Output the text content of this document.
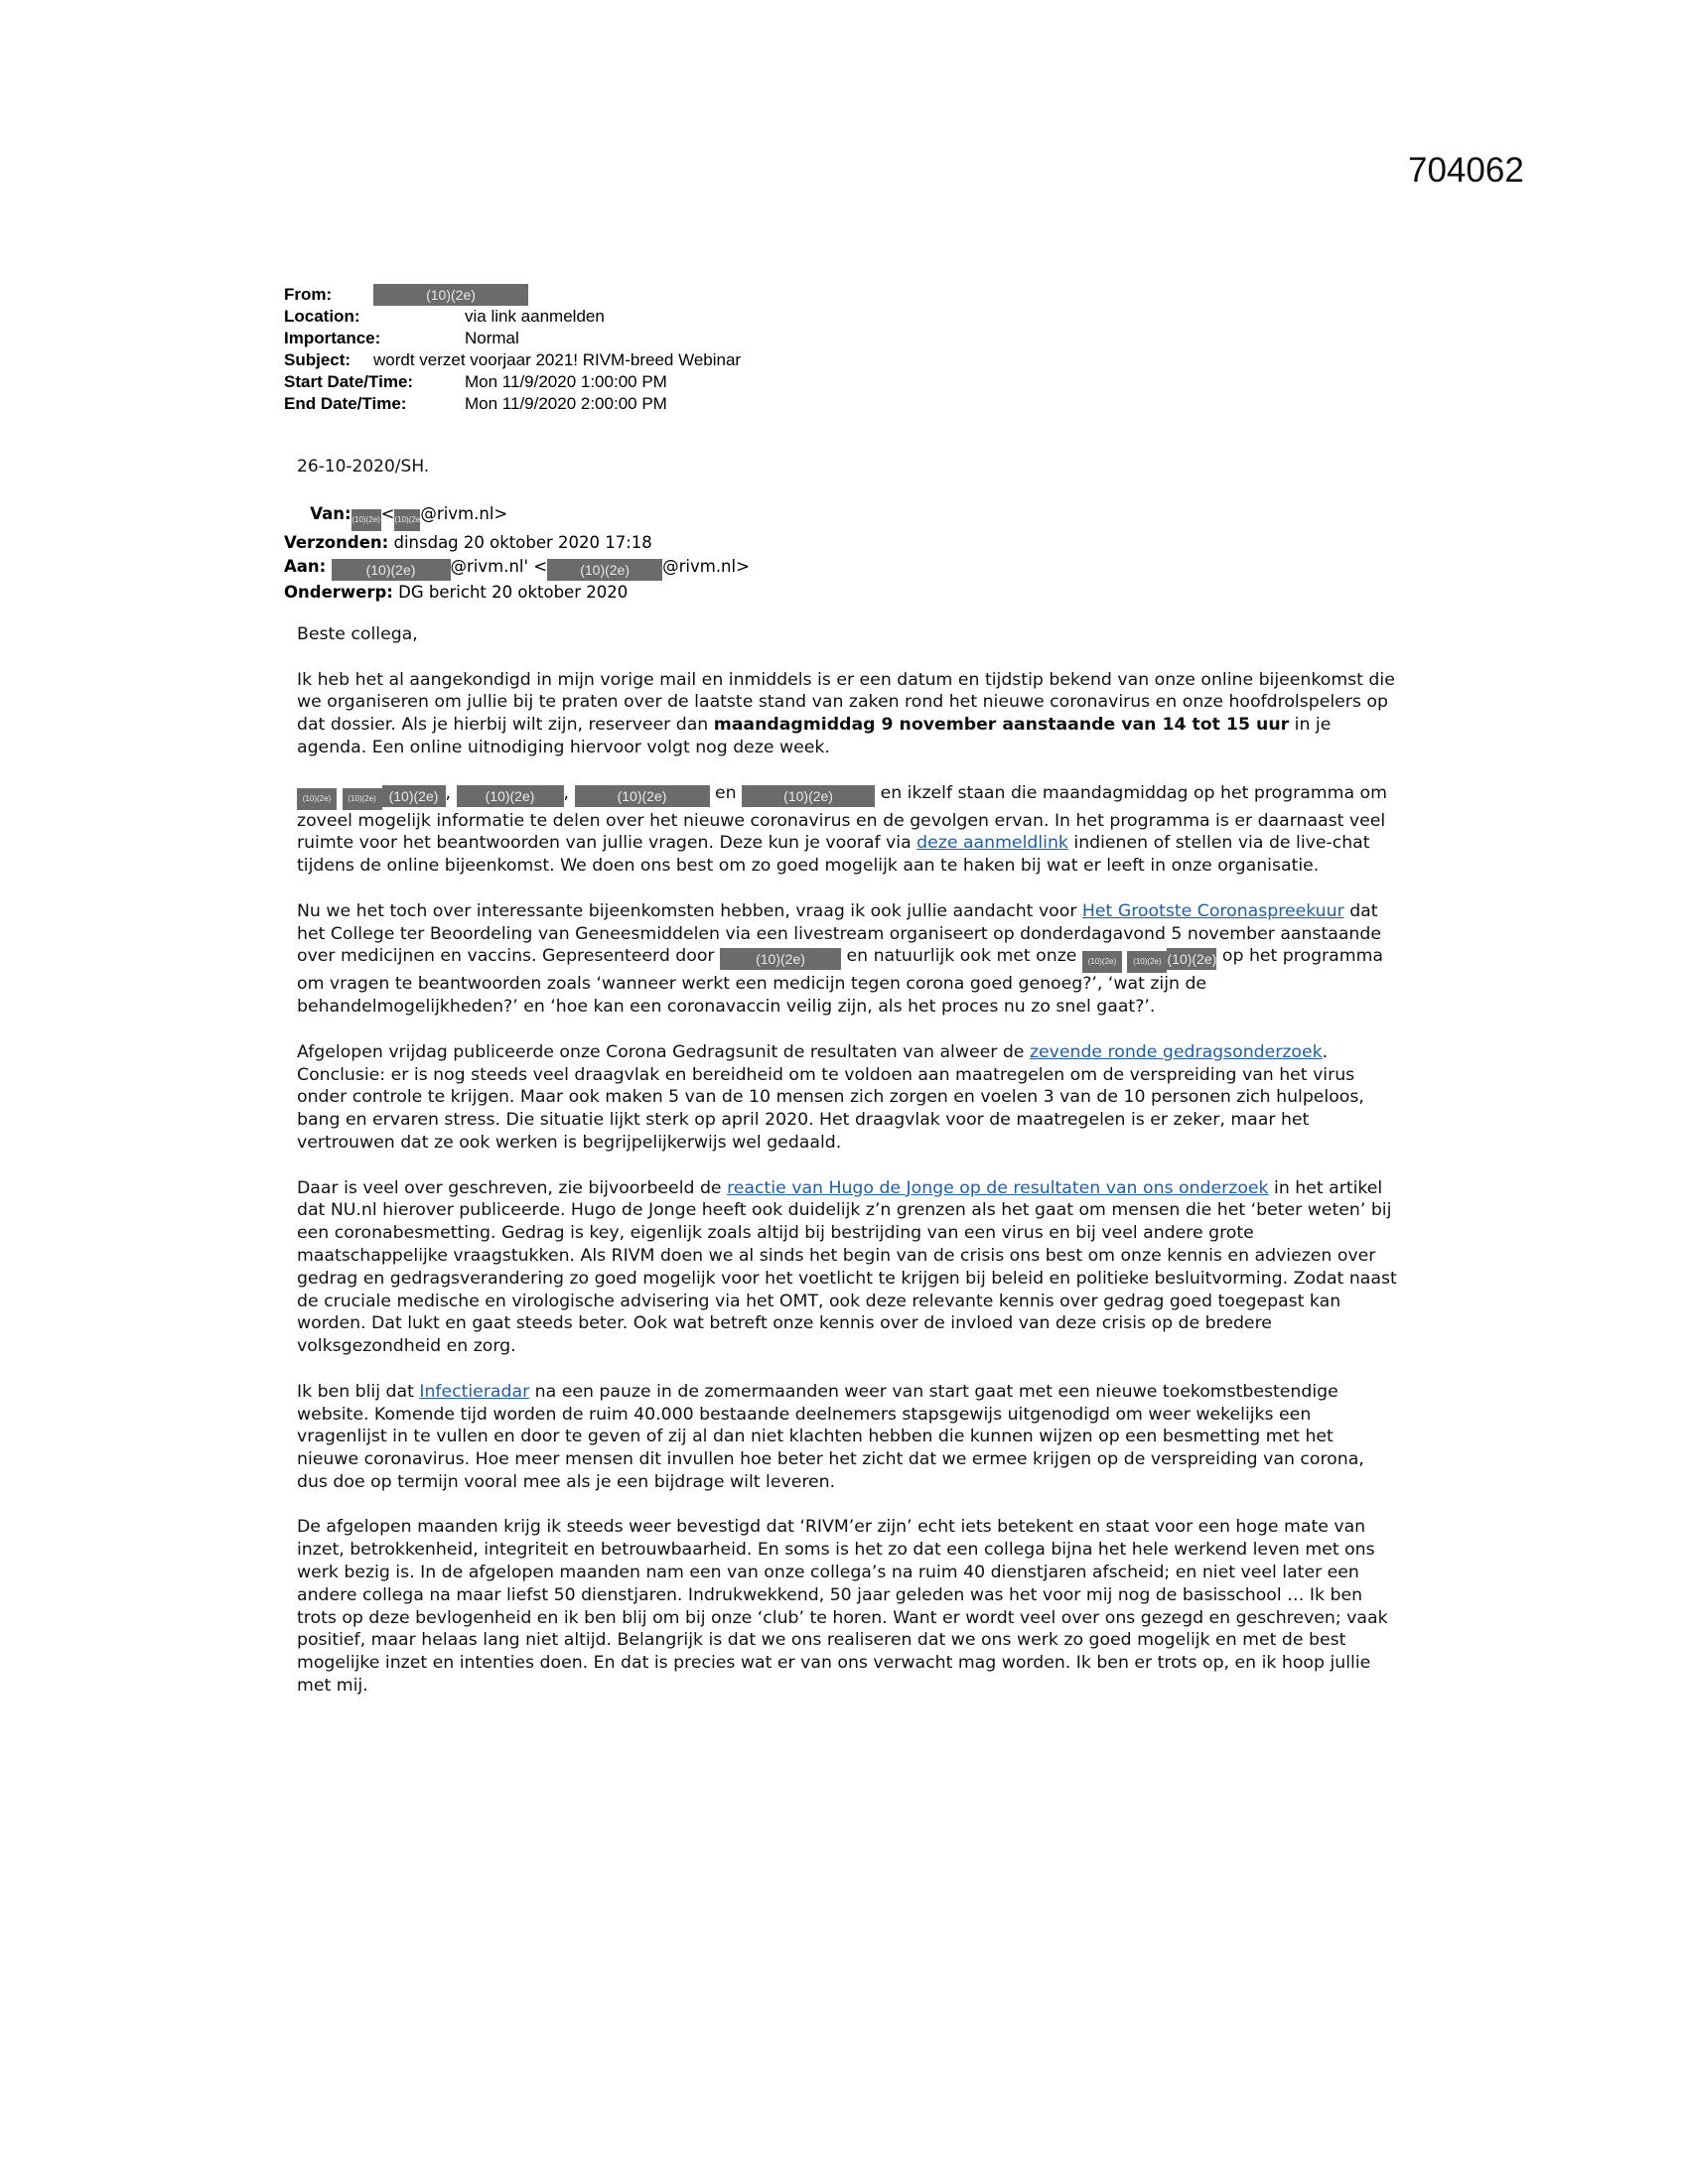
704062
From:	(10)(2e)
Location:	via link aanmelden
Importance:	Normal
Subject:	wordt verzet voorjaar 2021! RIVM-breed Webinar
Start Date/Time:	Mon 11/9/2020 1:00:00 PM
End Date/Time:	Mon 11/9/2020 2:00:00 PM
26-10-2020/SH.
Van:(10)(2e)<(10)(2e)@rivm.nl>
Verzonden: dinsdag 20 oktober 2020 17:18
Aan:	(10)(2e) @rivm.nl' < (10)(2e) @rivm.nl>
Onderwerp: DG bericht 20 oktober 2020

Beste collega,

Ik heb het al aangekondigd in mijn vorige mail en inmiddels is er een datum en tijdstip bekend van onze online bijeenkomst die we organiseren om jullie bij te praten over de laatste stand van zaken rond het nieuwe coronavirus en onze hoofdrolspelers op dat dossier. Als je hierbij wilt zijn, reserveer dan maandagmiddag 9 november aanstaande van 14 tot 15 uur in je agenda. Een online uitnodiging hiervoor volgt nog deze week.

(10)(2e) (10)(2e) (10)(2e) , (10)(2e) ,	(10)(2e) en	(10)(2e) en ikzelf staan die maandagmiddag op het programma om zoveel mogelijk informatie te delen over het nieuwe coronavirus en de gevolgen ervan. In het programma is er daarnaast veel ruimte voor het beantwoorden van jullie vragen. Deze kun je vooraf via deze aanmeldlink indienen of stellen via de live-chat tijdens de online bijeenkomst. We doen ons best om zo goed mogelijk aan te haken bij wat er leeft in onze organisatie.

Nu we het toch over interessante bijeenkomsten hebben, vraag ik ook jullie aandacht voor Het Grootste Coronaspreekuur dat het College ter Beoordeling van Geneesmiddelen via een livestream organiseert op donderdagavond 5 november aanstaande over medicijnen en vaccins. Gepresenteerd door	(10)(2e) en natuurlijk ook met onze (10)(2e) (10)(2e) (10)(2e) op het programma om vragen te beantwoorden zoals ‘wanneer werkt een medicijn tegen corona goed genoeg?’, ‘wat zijn de behandelmogelijkheden?’ en ‘hoe kan een coronavaccin veilig zijn, als het proces nu zo snel gaat?’.

Afgelopen vrijdag publiceerde onze Corona Gedragsunit de resultaten van alweer de zevende ronde gedragsonderzoek. Conclusie: er is nog steeds veel draagvlak en bereidheid om te voldoen aan maatregelen om de verspreiding van het virus onder controle te krijgen. Maar ook maken 5 van de 10 mensen zich zorgen en voelen 3 van de 10 personen zich hulpeloos, bang en ervaren stress. Die situatie lijkt sterk op april 2020. Het draagvlak voor de maatregelen is er zeker, maar het vertrouwen dat ze ook werken is begrijpelijkerwijs wel gedaald.

Daar is veel over geschreven, zie bijvoorbeeld de reactie van Hugo de Jonge op de resultaten van ons onderzoek in het artikel dat NU.nl hierover publiceerde. Hugo de Jonge heeft ook duidelijk z’n grenzen als het gaat om mensen die het ‘beter weten’ bij een coronabesmetting. Gedrag is key, eigenlijk zoals altijd bij bestrijding van een virus en bij veel andere grote maatschappelijke vraagstukken. Als RIVM doen we al sinds het begin van de crisis ons best om onze kennis en adviezen over gedrag en gedragsverandering zo goed mogelijk voor het voetlicht te krijgen bij beleid en politieke besluitvorming. Zodat naast de cruciale medische en virologische advisering via het OMT, ook deze relevante kennis over gedrag goed toegepast kan worden. Dat lukt en gaat steeds beter. Ook wat betreft onze kennis over de invloed van deze crisis op de bredere volksgezondheid en zorg.

Ik ben blij dat Infectieradar na een pauze in de zomermaanden weer van start gaat met een nieuwe toekomstbestendige website. Komende tijd worden de ruim 40.000 bestaande deelnemers stapsgewijs uitgenodigd om weer wekelijks een vragenlijst in te vullen en door te geven of zij al dan niet klachten hebben die kunnen wijzen op een besmetting met het nieuwe coronavirus. Hoe meer mensen dit invullen hoe beter het zicht dat we ermee krijgen op de verspreiding van corona, dus doe op termijn vooral mee als je een bijdrage wilt leveren.

De afgelopen maanden krijg ik steeds weer bevestigd dat ‘RIVM’er zijn’ echt iets betekent en staat voor een hoge mate van inzet, betrokkenheid, integriteit en betrouwbaarheid. En soms is het zo dat een collega bijna het hele werkend leven met ons werk bezig is. In de afgelopen maanden nam een van onze collega’s na ruim 40 dienstjaren afscheid; en niet veel later een andere collega na maar liefst 50 dienstjaren. Indrukwekkend, 50 jaar geleden was het voor mij nog de basisschool … Ik ben trots op deze bevlogenheid en ik ben blij om bij onze ‘club’ te horen. Want er wordt veel over ons gezegd en geschreven; vaak positief, maar helaas lang niet altijd. Belangrijk is dat we ons realiseren dat we ons werk zo goed mogelijk en met de best mogelijke inzet en intenties doen. En dat is precies wat er van ons verwacht mag worden. Ik ben er trots op, en ik hoop jullie met mij.
